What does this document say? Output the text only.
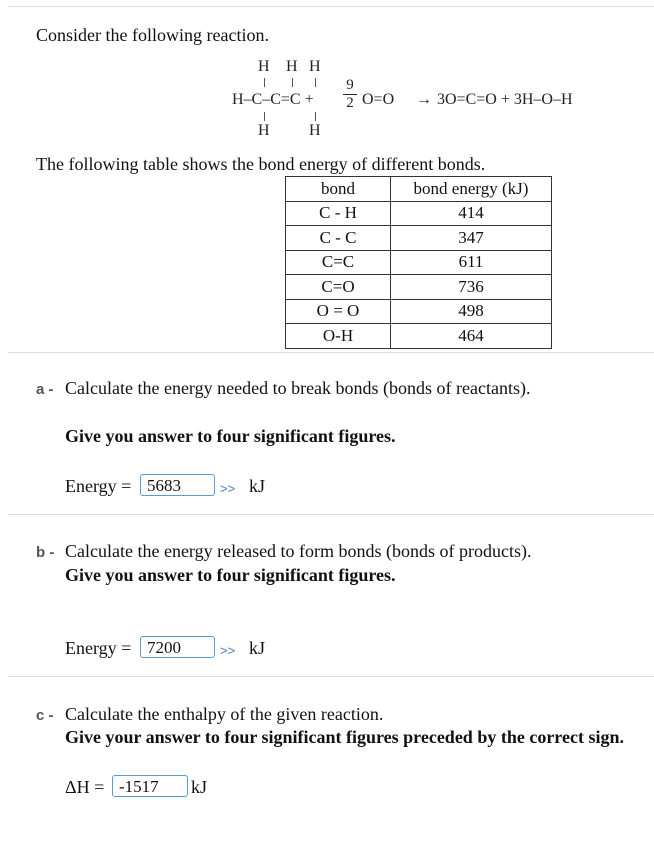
Consider the following reaction.
H H H
H–C–C=C +
9
2 O=O → 3O=C=O + 3H–O–H
H H
The following table shows the bond energy of different bonds.
bond	bond energy (kJ)
C - H	414
C - C	347
C=C	611
C=O	736
O = O	498
O-H	464
a - Calculate the energy needed to break bonds (bonds of reactants).
Give you answer to four significant figures.
Energy = 5683	>> kJ
b - Calculate the energy released to form bonds (bonds of products).
Give you answer to four significant figures.
Energy = 7200	>> kJ
c - Calculate the enthalpy of the given reaction.
Give your answer to four significant figures preceded by the correct sign.
ΔH = -1517	kJ
